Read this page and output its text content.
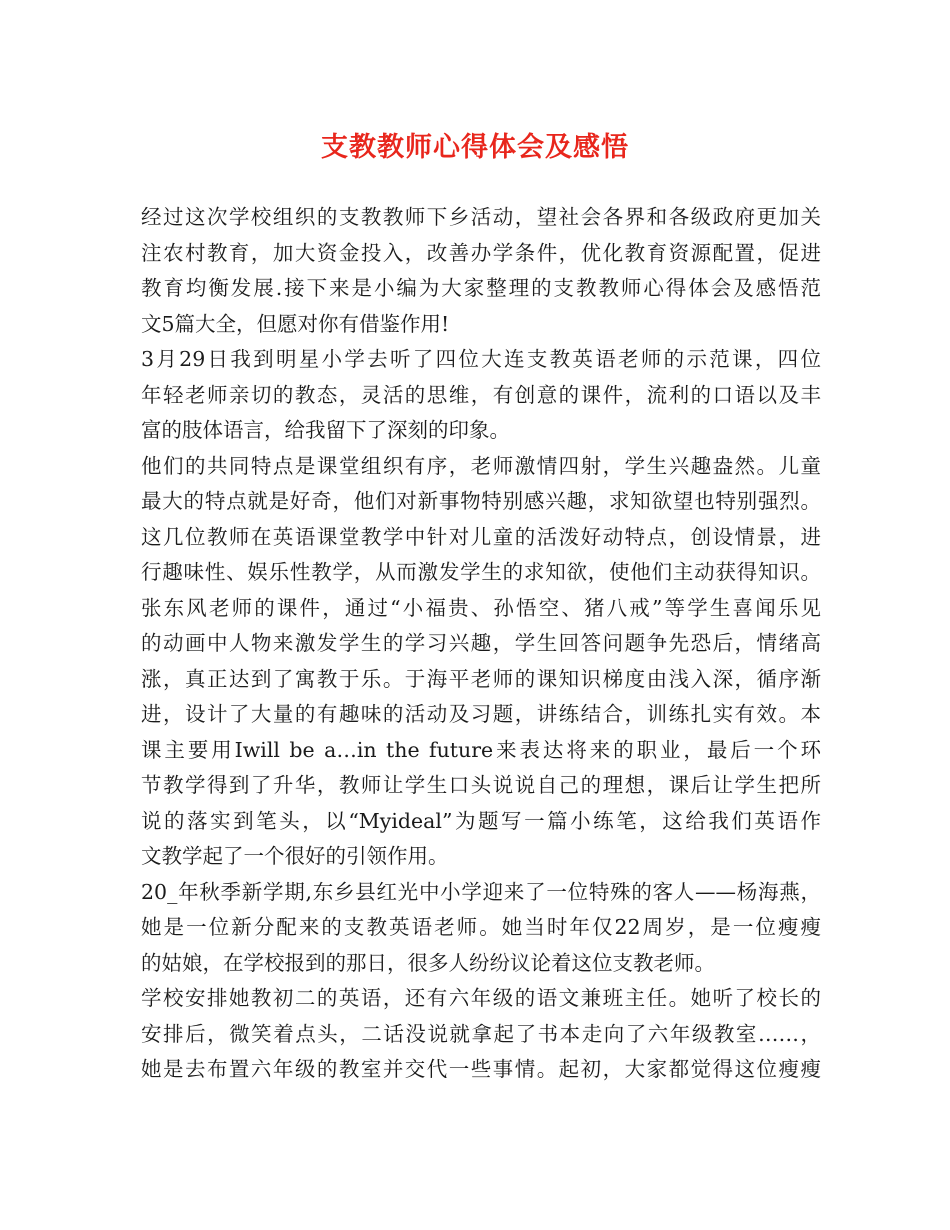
支教教师心得体会及感悟
经过这次学校组织的支教教师下乡活动，望社会各界和各级政府更加关
注农村教育，加大资金投入，改善办学条件，优化教育资源配置，促进
教育均衡发展.接下来是小编为大家整理的支教教师心得体会及感悟范
文5篇大全，但愿对你有借鉴作用!
3月29日我到明星小学去听了四位大连支教英语老师的示范课，四位
年轻老师亲切的教态，灵活的思维，有创意的课件，流利的口语以及丰
富的肢体语言，给我留下了深刻的印象。
他们的共同特点是课堂组织有序，老师激情四射，学生兴趣盎然。儿童
最大的特点就是好奇，他们对新事物特别感兴趣，求知欲望也特别强烈。
这几位教师在英语课堂教学中针对儿童的活泼好动特点，创设情景，进
行趣味性、娱乐性教学，从而激发学生的求知欲，使他们主动获得知识。
张东风老师的课件，通过“小福贵、孙悟空、猪八戒”等学生喜闻乐见
的动画中人物来激发学生的学习兴趣，学生回答问题争先恐后，情绪高
涨，真正达到了寓教于乐。于海平老师的课知识梯度由浅入深，循序渐
进，设计了大量的有趣味的活动及习题，讲练结合，训练扎实有效。本
课主要用Iwill be a…in the future来表达将来的职业，最后一个环
节教学得到了升华，教师让学生口头说说自己的理想，课后让学生把所
说的落实到笔头，以“Myideal”为题写一篇小练笔，这给我们英语作
文教学起了一个很好的引领作用。
20_年秋季新学期,东乡县红光中小学迎来了一位特殊的客人——杨海燕，
她是一位新分配来的支教英语老师。她当时年仅22周岁，是一位瘦瘦
的姑娘，在学校报到的那日，很多人纷纷议论着这位支教老师。
学校安排她教初二的英语，还有六年级的语文兼班主任。她听了校长的
安排后，微笑着点头，二话没说就拿起了书本走向了六年级教室……，
她是去布置六年级的教室并交代一些事情。起初，大家都觉得这位瘦瘦
